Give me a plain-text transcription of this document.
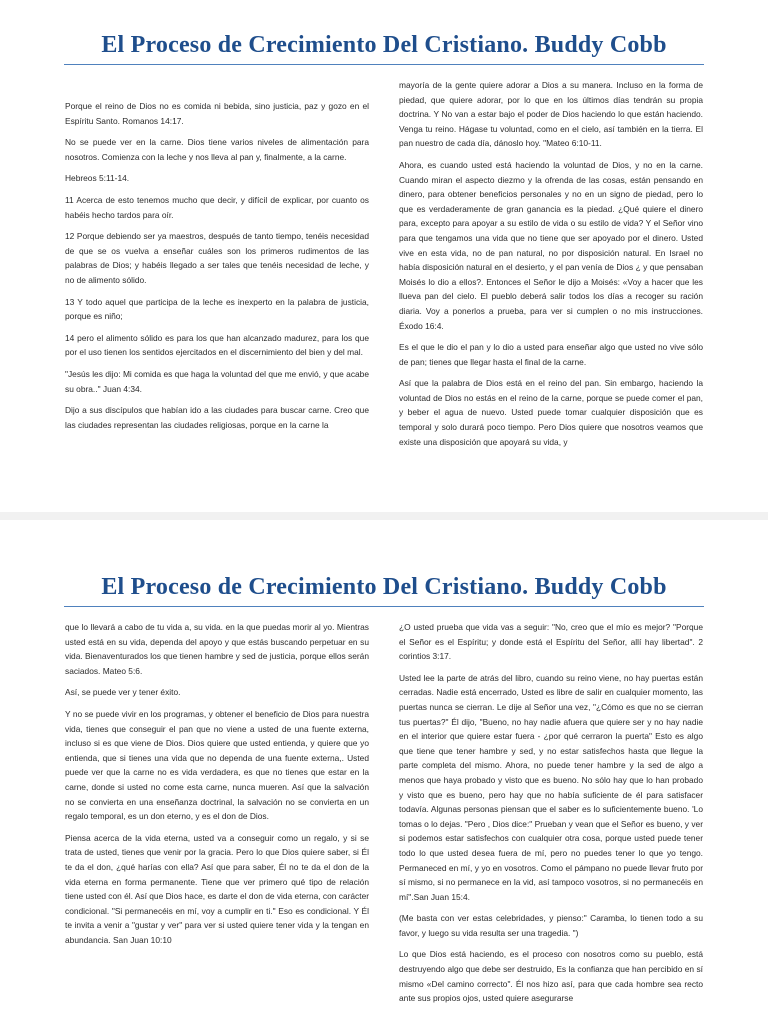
El Proceso de Crecimiento Del Cristiano. Buddy Cobb

Porque el reino de Dios no es comida ni bebida, sino justicia, paz y gozo en el Espíritu Santo. Romanos 14:17.

No se puede ver en la carne. Dios tiene varios niveles de alimentación para nosotros. Comienza con la leche y nos lleva al pan y, finalmente, a la carne.

Hebreos 5:11-14.

11 Acerca de esto tenemos mucho que decir, y difícil de explicar, por cuanto os habéis hecho tardos para oír.

12 Porque debiendo ser ya maestros, después de tanto tiempo, tenéis necesidad de que se os vuelva a enseñar cuáles son los primeros rudimentos de las palabras de Dios; y habéis llegado a ser tales que tenéis necesidad de leche, y no de alimento sólido.

13 Y todo aquel que participa de la leche es inexperto en la palabra de justicia, porque es niño;

14 pero el alimento sólido es para los que han alcanzado madurez, para los que por el uso tienen los sentidos ejercitados en el discernimiento del bien y del mal.

"Jesús les dijo: Mi comida es que haga la voluntad del que me envió, y que acabe su obra.." Juan 4:34.

Dijo a sus discípulos que habían ido a las ciudades para buscar carne. Creo que las ciudades representan las ciudades religiosas, porque en la carne la

mayoría de la gente quiere adorar a Dios a su manera. Incluso en la forma de piedad, que quiere adorar, por lo que en los últimos días tendrán su propia doctrina. Y No van a estar bajo el poder de Dios haciendo lo que están haciendo. Venga tu reino. Hágase tu voluntad, como en el cielo, así también en la tierra. El pan nuestro de cada día, dánoslo hoy. "Mateo 6:10-11.

Ahora, es cuando usted está haciendo la voluntad de Dios, y no en la carne. Cuando miran el aspecto diezmo y la ofrenda de las cosas, están pensando en dinero, para obtener beneficios personales y no en un signo de piedad, pero lo que es verdaderamente de gran ganancia es la piedad. ¿Qué quiere el dinero para, excepto para apoyar a su estilo de vida o su estilo de vida? Y el Señor vino para que tengamos una vida que no tiene que ser apoyado por el dinero. Usted vive en esta vida, no de pan natural, no por disposición natural. En Israel no había disposición natural en el desierto, y el pan venía de Dios ¿ y que pensaban Moisés lo dio a ellos?. Entonces el Señor le dijo a Moisés: «Voy a hacer que les llueva pan del cielo. El pueblo deberá salir todos los días a recoger su ración diaria. Voy a ponerlos a prueba, para ver si cumplen o no mis instrucciones. Éxodo 16:4.

Es el que le dio el pan y lo dio a usted para enseñar algo que usted no vive sólo de pan; tienes que llegar hasta el final de la carne.

Así que la palabra de Dios está en el reino del pan. Sin embargo, haciendo la voluntad de Dios no estás en el reino de la carne, porque se puede comer el pan, y beber el agua de nuevo. Usted puede tomar cualquier disposición que es temporal y solo durará poco tiempo. Pero Dios quiere que nosotros veamos que existe una disposición que apoyará su vida, y

El Proceso de Crecimiento Del Cristiano. Buddy Cobb

que lo llevará a cabo de tu vida a, su vida. en la que puedas morir al yo. Mientras usted está en su vida, dependa del apoyo y que estás buscando perpetuar en su vida. Bienaventurados los que tienen hambre y sed de justicia, porque ellos serán saciados. Mateo 5:6.

Así, se puede ver y tener éxito.

Y no se puede vivir en los programas, y obtener el beneficio de Dios para nuestra vida, tienes que conseguir el pan que no viene a usted de una fuente externa, incluso si es que viene de Dios. Dios quiere que usted entienda, y quiere que yo entienda, que si tienes una vida que no dependa de una fuente externa,. Usted puede ver que la carne no es vida verdadera, es que no tienes que estar en la carne, donde si usted no come esta carne, nunca mueren. Así que la salvación no se convierta en una enseñanza doctrinal, la salvación no se convierta en un regalo temporal, es un don eterno, y es el don de Dios.

Piensa acerca de la vida eterna, usted va a conseguir como un regalo, y si se trata de usted, tienes que venir por la gracia. Pero lo que Dios quiere saber, si Él te da el don, ¿qué harías con ella? Así que para saber, Él no te da el don de la vida eterna en forma permanente. Tiene que ver primero qué tipo de relación tiene usted con él. Así que Dios hace, es darte el don de vida eterna, con carácter condicional. "Si permanecéis en mí, voy a cumplir en ti." Eso es condicional. Y Él te invita a venir a "gustar y ver" para ver si usted quiere tener vida y la tengan en abundancia. San Juan 10:10

¿O usted prueba que vida vas a seguir: "No, creo que el mío es mejor? "Porque el Señor es el Espíritu; y donde está el Espíritu del Señor, allí hay libertad". 2 corintios 3:17.

Usted lee la parte de atrás del libro, cuando su reino viene, no hay puertas están cerradas. Nadie está encerrado, Usted es libre de salir en cualquier momento, las puertas nunca se cierran. Le dije al Señor una vez, "¿Cómo es que no se cierran tus puertas?" Él dijo, "Bueno, no hay nadie afuera que quiere ser y no hay nadie en el interior que quiere estar fuera - ¿por qué cerraron la puerta" Esto es algo que tiene que tener hambre y sed, y no estar satisfechos hasta que llegue la parte completa del mismo. Ahora, no puede tener hambre y la sed de algo a menos que haya probado y visto que es bueno. No sólo hay que lo han probado y visto que es bueno, pero hay que no había suficiente de él para satisfacer todavía. Algunas personas piensan que el saber es lo suficientemente bueno. 'Lo tomas o lo dejas. "Pero , Dios dice:" Prueban y vean que el Señor es bueno, y ver si podemos estar satisfechos con cualquier otra cosa, porque usted puede tener todo lo que usted desea fuera de mí, pero no puedes tener lo que yo tengo. Permaneced en mí, y yo en vosotros. Como el pámpano no puede llevar fruto por sí mismo, si no permanece en la vid, así tampoco vosotros, si no permanecéis en mí".San Juan 15:4.

(Me basta con ver estas celebridades, y pienso:" Caramba, lo tienen todo a su favor, y luego su vida resulta ser una tragedia. ")

Lo que Dios está haciendo, es el proceso con nosotros como su pueblo, está destruyendo algo que debe ser destruido, Es la confianza que han percibido en sí mismo «Del camino correcto". Él nos hizo así, para que cada hombre sea recto ante sus propios ojos, usted quiere asegurarse
